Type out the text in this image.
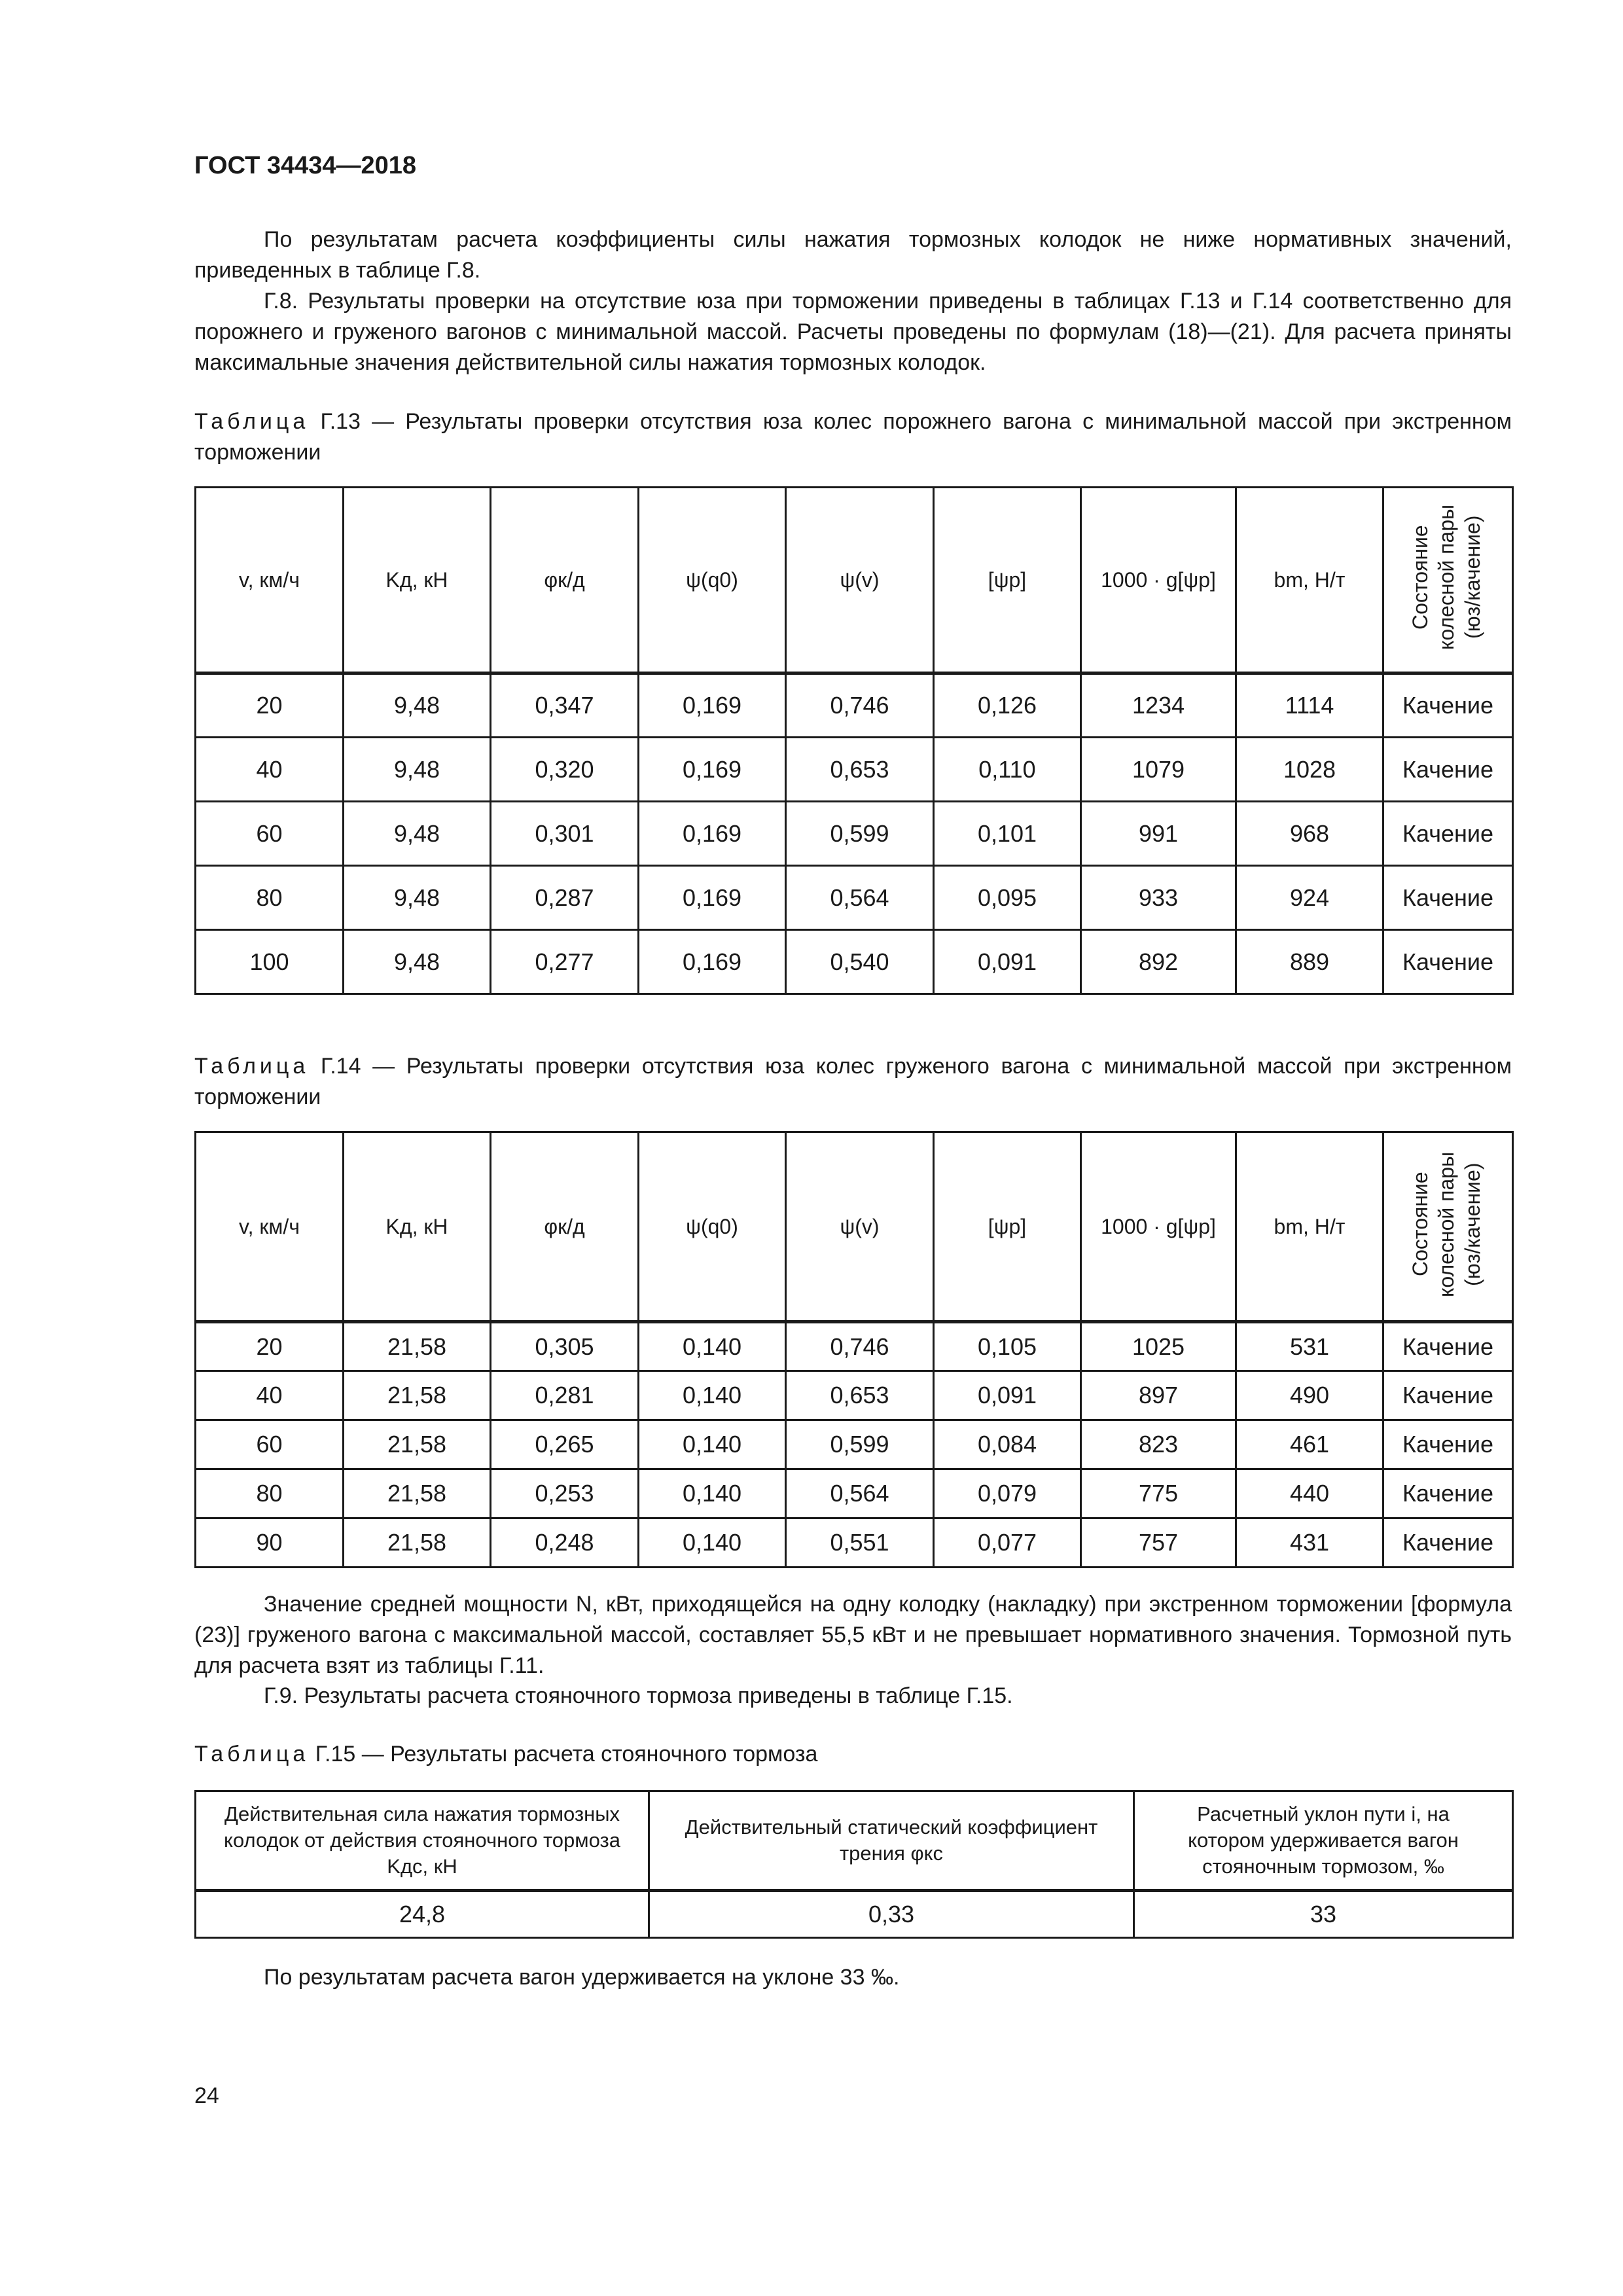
ГОСТ 34434—2018
По результатам расчета коэффициенты силы нажатия тормозных колодок не ниже нормативных значений, приведенных в таблице Г.8.
Г.8. Результаты проверки на отсутствие юза при торможении приведены в таблицах Г.13 и Г.14 соответственно для порожнего и груженого вагонов с минимальной массой. Расчеты проведены по формулам (18)—(21). Для расчета приняты максимальные значения действительной силы нажатия тормозных колодок.
Таблица Г.13 — Результаты проверки отсутствия юза колес порожнего вагона с минимальной массой при экстренном торможении
v, км/ч	Kд, кН	φк/д	ψ(q0)	ψ(v)	[ψр]	1000 · g[ψр]	bm, Н/т	Состояние колесной пары (юз/качение)
20	9,48	0,347	0,169	0,746	0,126	1234	1114	Качение
40	9,48	0,320	0,169	0,653	0,110	1079	1028	Качение
60	9,48	0,301	0,169	0,599	0,101	991	968	Качение
80	9,48	0,287	0,169	0,564	0,095	933	924	Качение
100	9,48	0,277	0,169	0,540	0,091	892	889	Качение
Таблица Г.14 — Результаты проверки отсутствия юза колес груженого вагона с минимальной массой при экстренном торможении
v, км/ч	Kд, кН	φк/д	ψ(q0)	ψ(v)	[ψр]	1000 · g[ψр]	bm, Н/т	Состояние колесной пары (юз/качение)
20	21,58	0,305	0,140	0,746	0,105	1025	531	Качение
40	21,58	0,281	0,140	0,653	0,091	897	490	Качение
60	21,58	0,265	0,140	0,599	0,084	823	461	Качение
80	21,58	0,253	0,140	0,564	0,079	775	440	Качение
90	21,58	0,248	0,140	0,551	0,077	757	431	Качение
Значение средней мощности N, кВт, приходящейся на одну колодку (накладку) при экстренном торможении [формула (23)] груженого вагона с максимальной массой, составляет 55,5 кВт и не превышает нормативного значения. Тормозной путь для расчета взят из таблицы Г.11.
Г.9. Результаты расчета стояночного тормоза приведены в таблице Г.15.
Таблица Г.15 — Результаты расчета стояночного тормоза
Действительная сила нажатия тормозных колодок от действия стояночного тормоза Kдс, кН	Действительный статический коэффициент трения φкс	Расчетный уклон пути i, на котором удерживается вагон стояночным тормозом, ‰
24,8	0,33	33
По результатам расчета вагон удерживается на уклоне 33 ‰.
24
